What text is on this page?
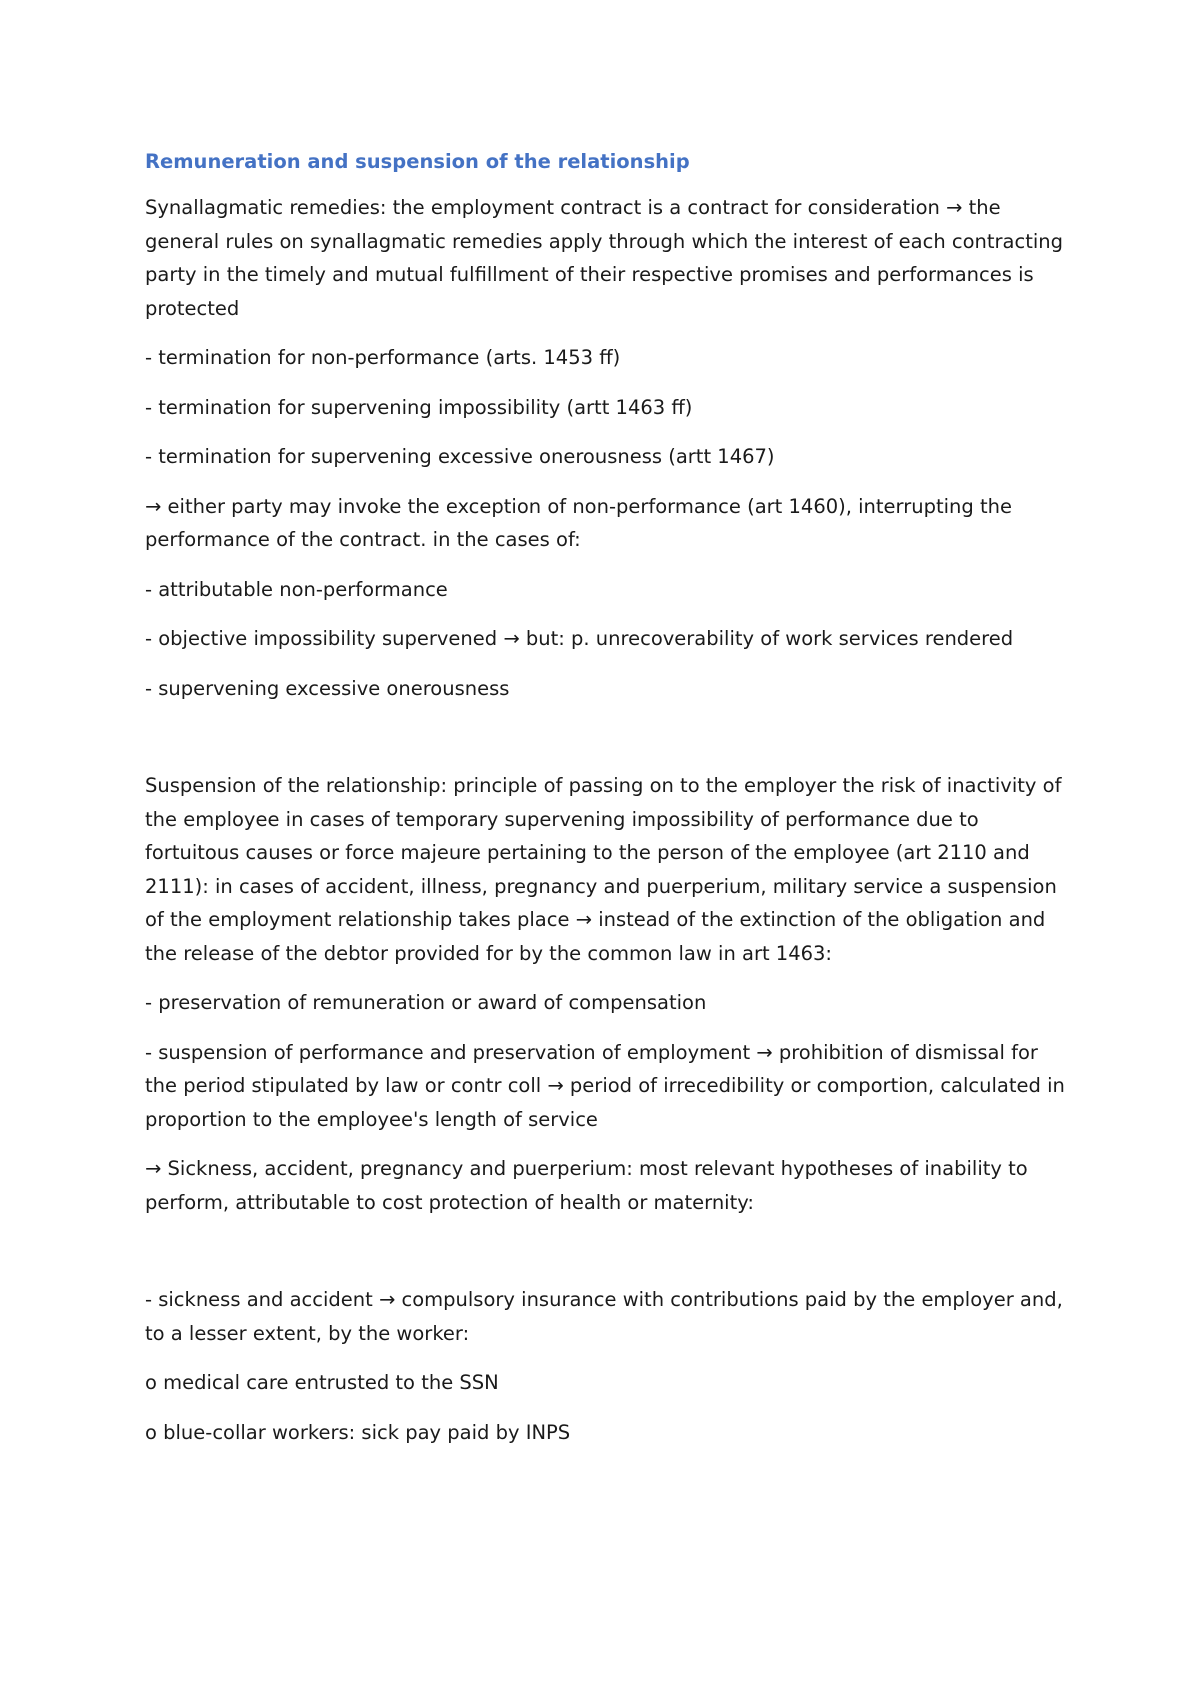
Remuneration and suspension of the relationship

Synallagmatic remedies: the employment contract is a contract for consideration → the general rules on synallagmatic remedies apply through which the interest of each contracting party in the timely and mutual fulfillment of their respective promises and performances is protected

- termination for non-performance (arts. 1453 ff)

- termination for supervening impossibility (artt 1463 ff)

- termination for supervening excessive onerousness (artt 1467)

→ either party may invoke the exception of non-performance (art 1460), interrupting the performance of the contract. in the cases of:

- attributable non-performance

- objective impossibility supervened → but: p. unrecoverability of work services rendered

- supervening excessive onerousness

Suspension of the relationship: principle of passing on to the employer the risk of inactivity of the employee in cases of temporary supervening impossibility of performance due to fortuitous causes or force majeure pertaining to the person of the employee (art 2110 and 2111): in cases of accident, illness, pregnancy and puerperium, military service a suspension of the employment relationship takes place → instead of the extinction of the obligation and the release of the debtor provided for by the common law in art 1463:

- preservation of remuneration or award of compensation

- suspension of performance and preservation of employment → prohibition of dismissal for the period stipulated by law or contr coll → period of irrecedibility or comportion, calculated in proportion to the employee's length of service

→ Sickness, accident, pregnancy and puerperium: most relevant hypotheses of inability to perform, attributable to cost protection of health or maternity:

- sickness and accident → compulsory insurance with contributions paid by the employer and, to a lesser extent, by the worker:

o medical care entrusted to the SSN

o blue-collar workers: sick pay paid by INPS
